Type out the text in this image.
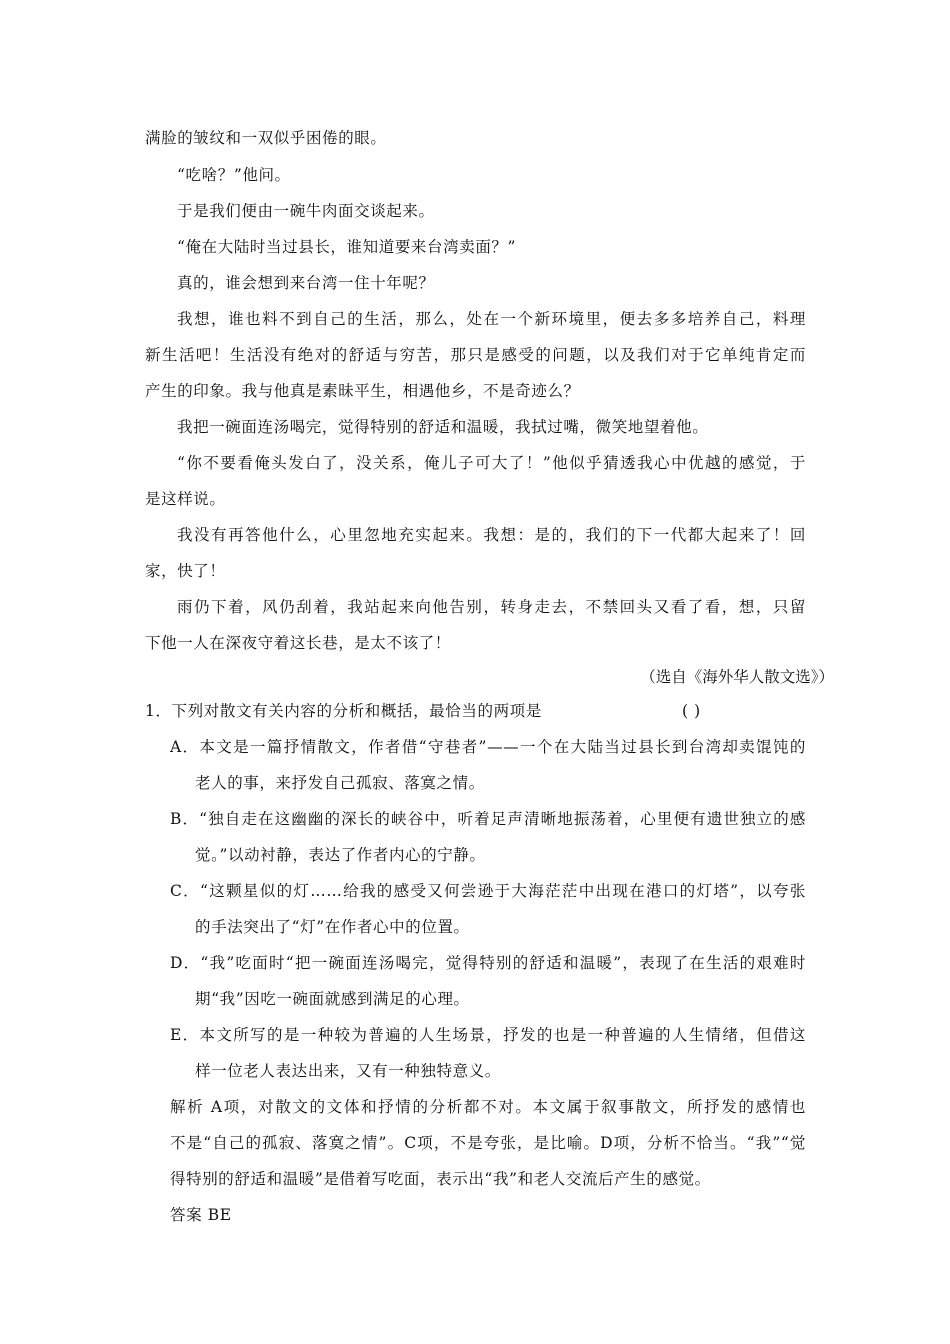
满脸的皱纹和一双似乎困倦的眼。
“吃啥？”他问。
于是我们便由一碗牛肉面交谈起来。
“俺在大陆时当过县长，谁知道要来台湾卖面？”
真的，谁会想到来台湾一住十年呢？
我想，谁也料不到自己的生活，那么，处在一个新环境里，便去多多培养自己，料理
新生活吧！生活没有绝对的舒适与穷苦，那只是感受的问题，以及我们对于它单纯肯定而
产生的印象。我与他真是素昧平生，相遇他乡，不是奇迹么？
我把一碗面连汤喝完，觉得特别的舒适和温暖，我拭过嘴，微笑地望着他。
“你不要看俺头发白了，没关系，俺儿子可大了！”他似乎猜透我心中优越的感觉，于
是这样说。
我没有再答他什么，心里忽地充实起来。我想：是的，我们的下一代都大起来了！回
家，快了！
雨仍下着，风仍刮着，我站起来向他告别，转身走去，不禁回头又看了看，想，只留
下他一人在深夜守着这长巷，是太不该了！
（选自《海外华人散文选》）
1．下列对散文有关内容的分析和概括，最恰当的两项是	( )
A．本文是一篇抒情散文，作者借“守巷者”——一个在大陆当过县长到台湾却卖馄饨的
老人的事，来抒发自己孤寂、落寞之情。
B．“独自走在这幽幽的深长的峡谷中，听着足声清晰地振荡着，心里便有遗世独立的感
觉。”以动衬静，表达了作者内心的宁静。
C．“这颗星似的灯……给我的感受又何尝逊于大海茫茫中出现在港口的灯塔”，以夸张
的手法突出了“灯”在作者心中的位置。
D．“我”吃面时“把一碗面连汤喝完，觉得特别的舒适和温暖”，表现了在生活的艰难时
期“我”因吃一碗面就感到满足的心理。
E．本文所写的是一种较为普遍的人生场景，抒发的也是一种普遍的人生情绪，但借这
样一位老人表达出来，又有一种独特意义。
解析 A项，对散文的文体和抒情的分析都不对。本文属于叙事散文，所抒发的感情也
不是“自己的孤寂、落寞之情”。C项，不是夸张，是比喻。D项，分析不恰当。“我”“觉
得特别的舒适和温暖”是借着写吃面，表示出“我”和老人交流后产生的感觉。
答案 BE
